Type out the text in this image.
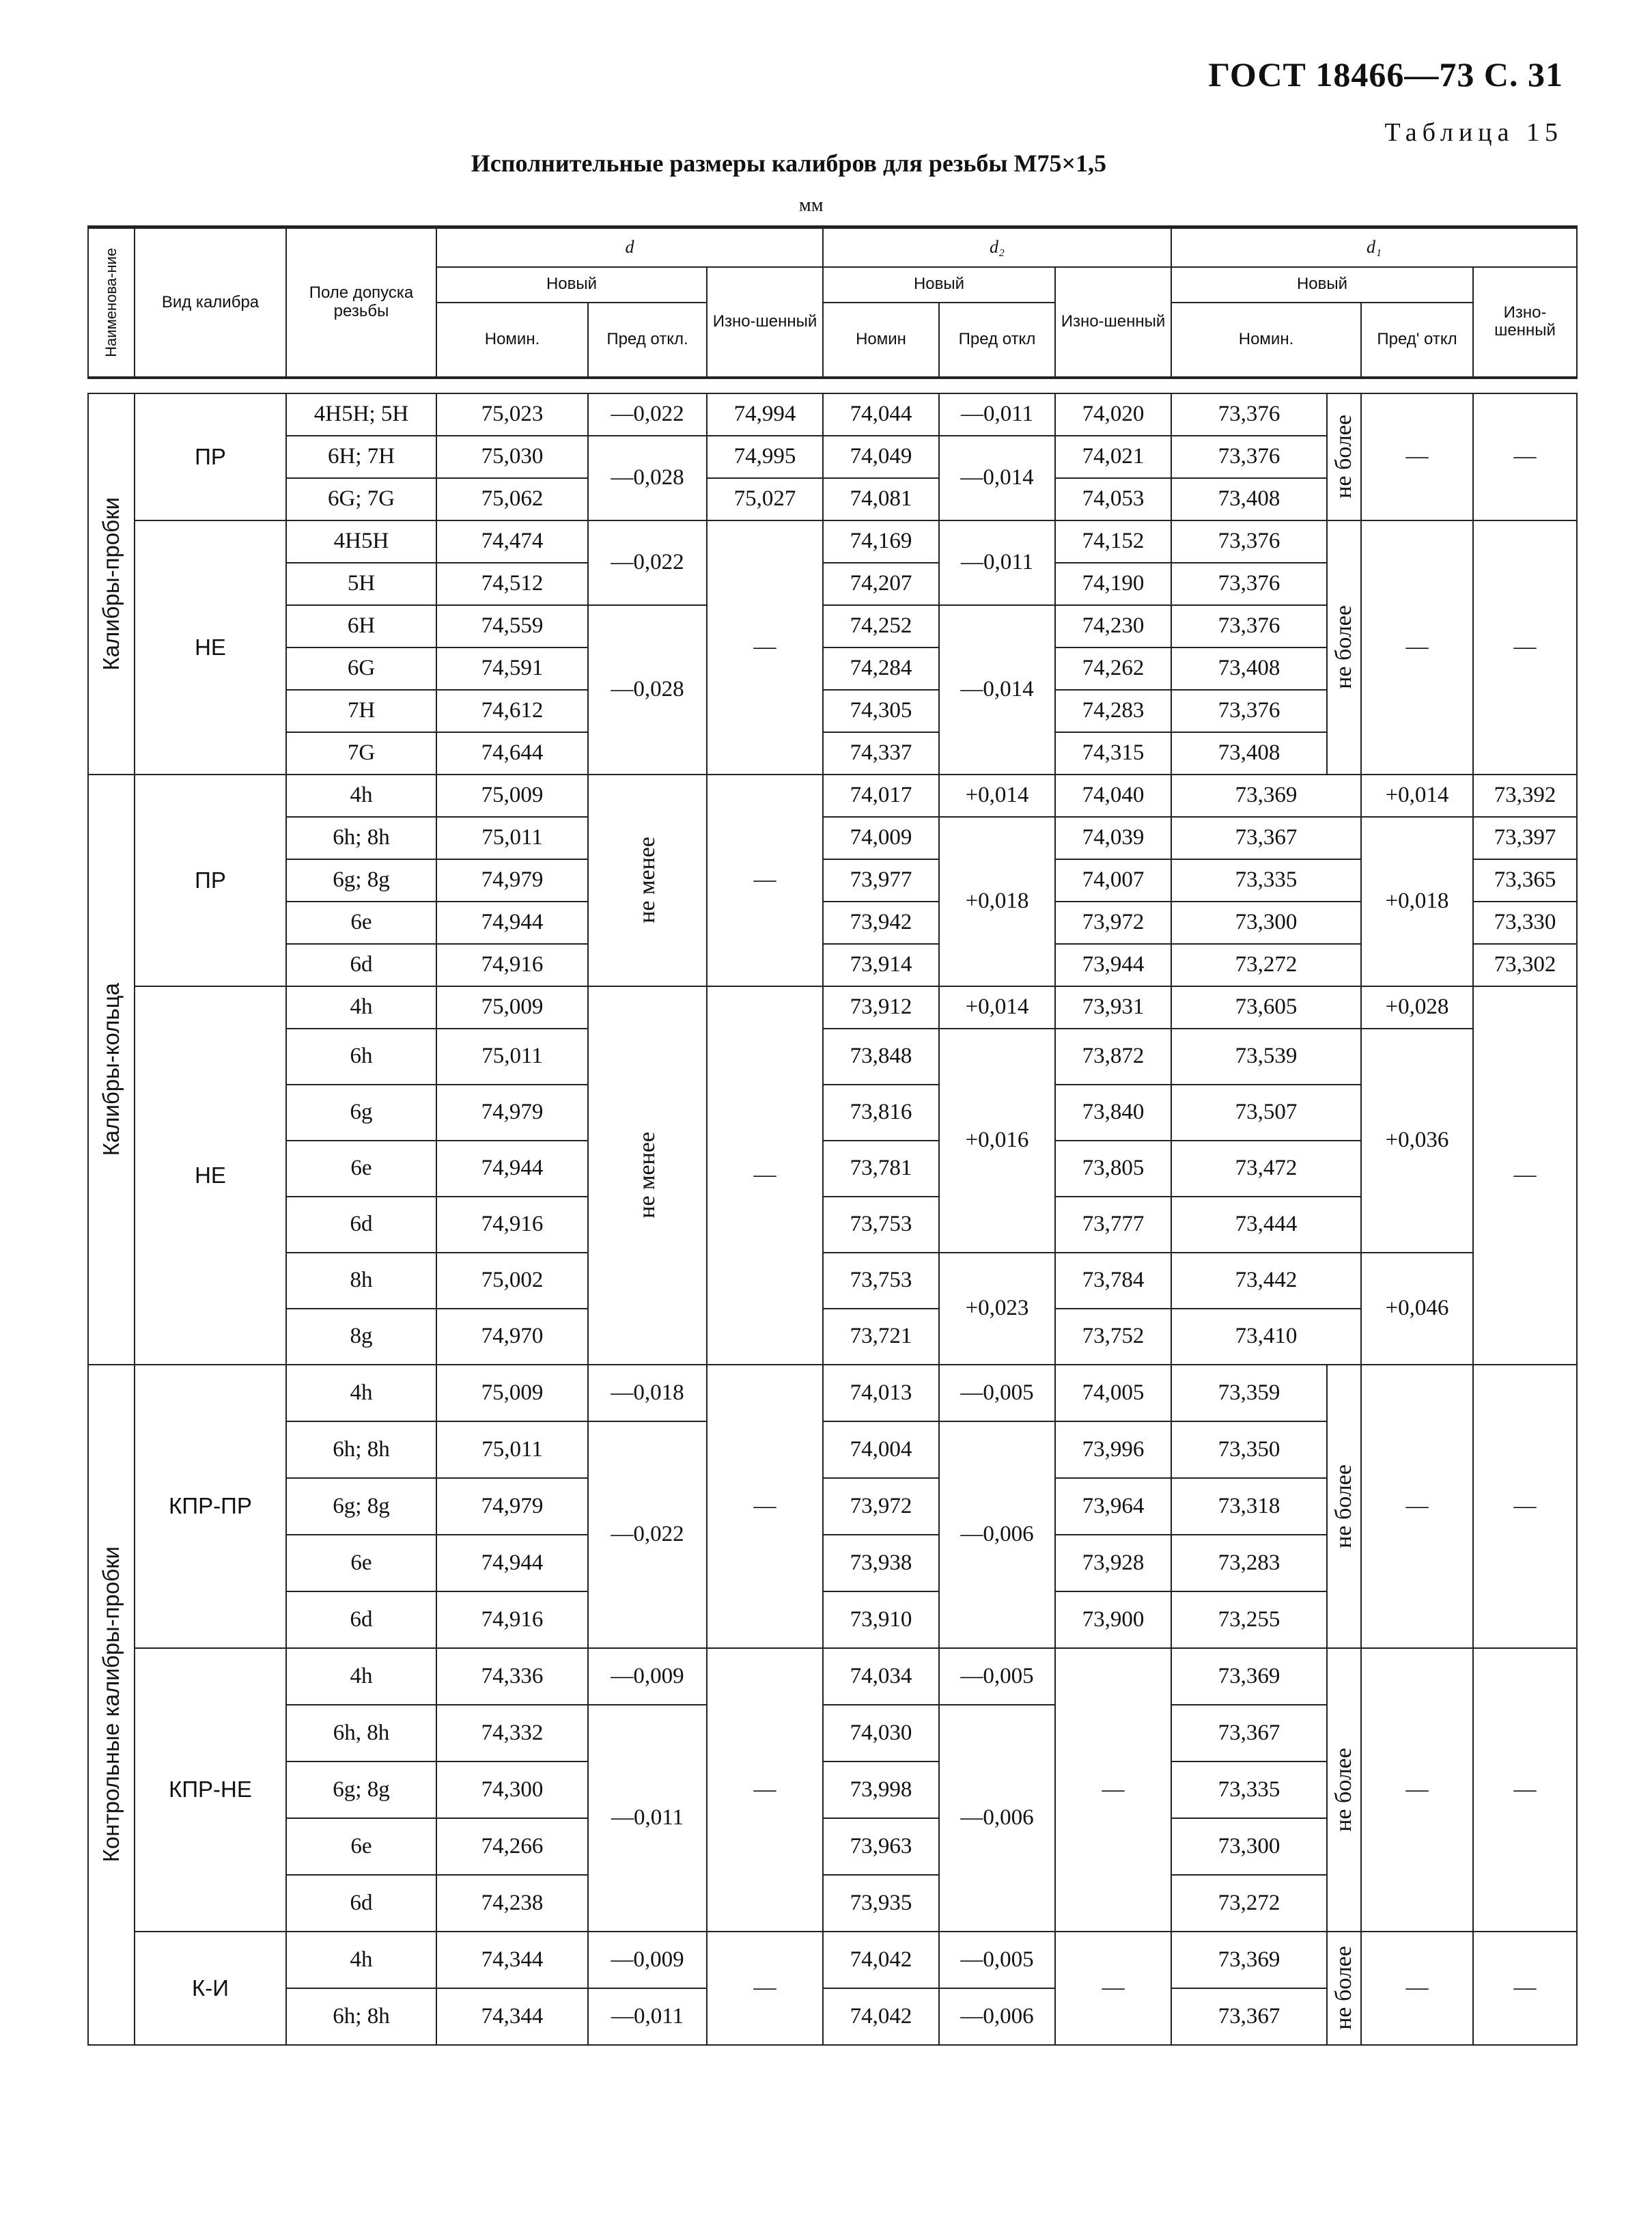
ГОСТ 18466—73 С. 31
Таблица 15
Исполнительные размеры калибров для резьбы М75×1,5
мм
Наименова-ние	Вид калибра	Поле допуска резьбы	d			d₂			d₁			
			Новый		Изно-шенный	Новый		Изно-шенный	Новый			Изно-шенный
			Номин.	Пред откл.		Номин	Пред откл		Номин.		Пред' откл	

Калибры-пробки	ПР	4H5H; 5H	75,023	—0,022	74,994	74,044	—0,011	74,020	73,376	не более	—	—
		6H; 7H	75,030	—0,028	74,995	74,049	—0,014	74,021	73,376			
		6G; 7G	75,062		75,027	74,081		74,053	73,408			
	НЕ	4H5H	74,474	—0,022	—	74,169	—0,011	74,152	73,376	не более	—	—
		5H	74,512			74,207		74,190	73,376			
		6H	74,559	—0,028		74,252	—0,014	74,230	73,376			
		6G	74,591			74,284		74,262	73,408			
		7H	74,612			74,305		74,283	73,376			
		7G	74,644			74,337		74,315	73,408			

Калибры-кольца	ПР	4h	75,009	не менее	—	74,017	+0,014	74,040	73,369		+0,014	73,392
		6h; 8h	75,011			74,009	+0,018	74,039	73,367		+0,018	73,397
		6g; 8g	74,979			73,977		74,007	73,335			73,365
		6e	74,944			73,942		73,972	73,300			73,330
		6d	74,916			73,914		73,944	73,272			73,302
	НЕ	4h	75,009	не менее	—	73,912	+0,014	73,931	73,605		+0,028	—
		6h	75,011			73,848	+0,016	73,872	73,539		+0,036	
		6g	74,979			73,816		73,840	73,507			
		6e	74,944			73,781		73,805	73,472			
		6d	74,916			73,753		73,777	73,444			
		8h	75,002			73,753	+0,023	73,784	73,442		+0,046	
		8g	74,970			73,721		73,752	73,410			

Контрольные калибры-пробки	КПР-ПР	4h	75,009	—0,018	—	74,013	—0,005	74,005	73,359	не более	—	—
		6h; 8h	75,011	—0,022		74,004	—0,006	73,996	73,350			
		6g; 8g	74,979			73,972		73,964	73,318			
		6e	74,944			73,938		73,928	73,283			
		6d	74,916			73,910		73,900	73,255			
	КПР-НЕ	4h	74,336	—0,009	—	74,034	—0,005	—	73,369	не более	—	—
		6h, 8h	74,332	—0,011		74,030	—0,006		73,367			
		6g; 8g	74,300			73,998			73,335			
		6e	74,266			73,963			73,300			
		6d	74,238			73,935			73,272			
	К-И	4h	74,344	—0,009	—	74,042	—0,005	—	73,369	не более	—	—
		6h; 8h	74,344	—0,011		74,042	—0,006		73,367			
